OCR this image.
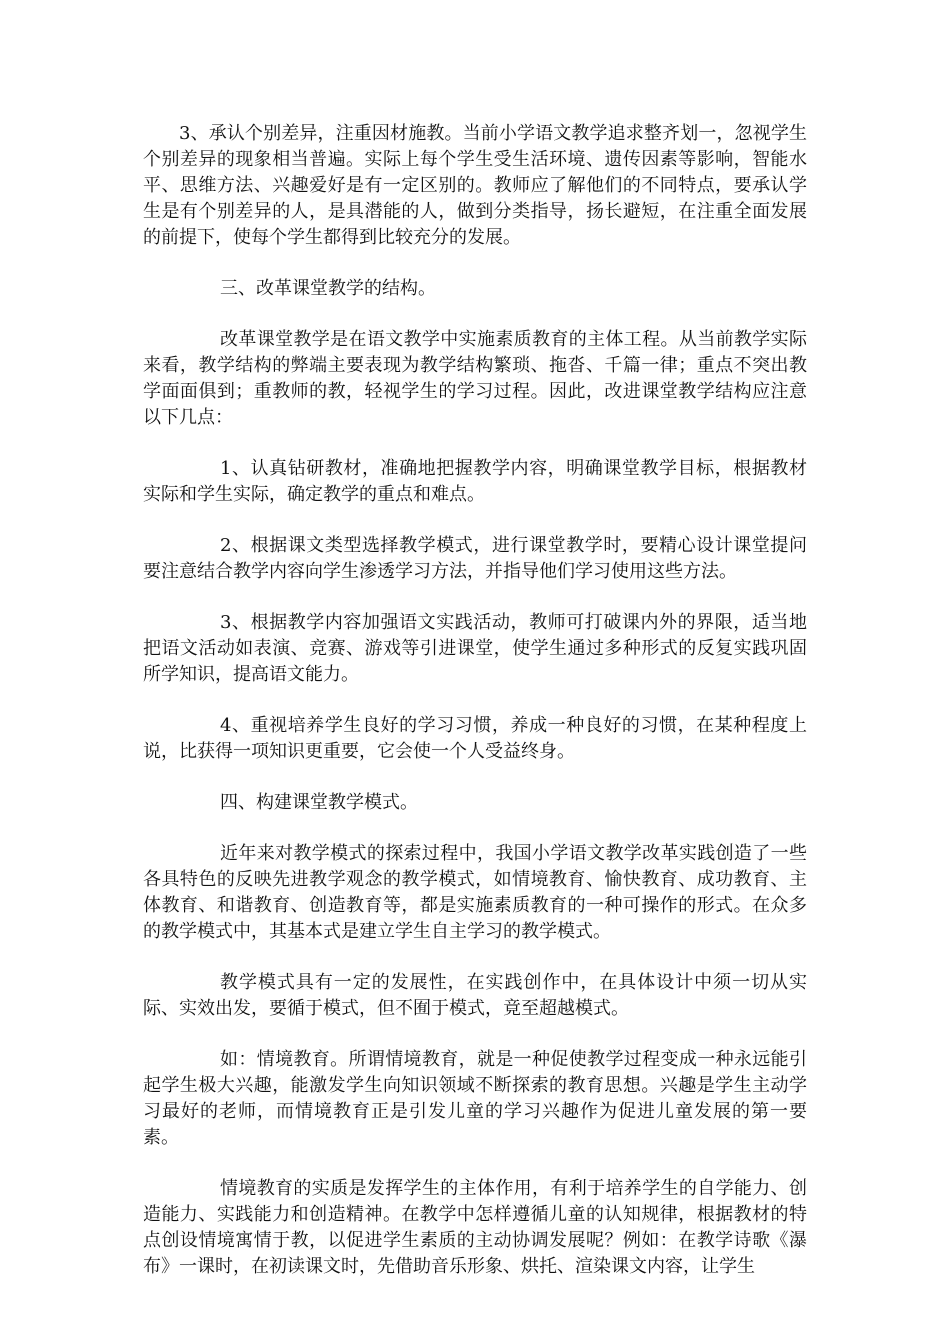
3、承认个别差异，注重因材施教。当前小学语文教学追求整齐划一，忽视学生个别差异的现象相当普遍。实际上每个学生受生活环境、遗传因素等影响，智能水平、思维方法、兴趣爱好是有一定区别的。教师应了解他们的不同特点，要承认学生是有个别差异的人，是具潜能的人，做到分类指导，扬长避短，在注重全面发展的前提下，使每个学生都得到比较充分的发展。

三、改革课堂教学的结构。

改革课堂教学是在语文教学中实施素质教育的主体工程。从当前教学实际来看，教学结构的弊端主要表现为教学结构繁琐、拖沓、千篇一律；重点不突出教学面面俱到；重教师的教，轻视学生的学习过程。因此，改进课堂教学结构应注意以下几点：

1、认真钻研教材，准确地把握教学内容，明确课堂教学目标，根据教材实际和学生实际，确定教学的重点和难点。

2、根据课文类型选择教学模式，进行课堂教学时，要精心设计课堂提问要注意结合教学内容向学生渗透学习方法，并指导他们学习使用这些方法。

3、根据教学内容加强语文实践活动，教师可打破课内外的界限，适当地把语文活动如表演、竞赛、游戏等引进课堂，使学生通过多种形式的反复实践巩固所学知识，提高语文能力。

4、重视培养学生良好的学习习惯，养成一种良好的习惯，在某种程度上说，比获得一项知识更重要，它会使一个人受益终身。

四、构建课堂教学模式。

近年来对教学模式的探索过程中，我国小学语文教学改革实践创造了一些各具特色的反映先进教学观念的教学模式，如情境教育、愉快教育、成功教育、主体教育、和谐教育、创造教育等，都是实施素质教育的一种可操作的形式。在众多的教学模式中，其基本式是建立学生自主学习的教学模式。

教学模式具有一定的发展性，在实践创作中，在具体设计中须一切从实际、实效出发，要循于模式，但不囿于模式，竟至超越模式。

如：情境教育。所谓情境教育，就是一种促使教学过程变成一种永远能引起学生极大兴趣，能激发学生向知识领域不断探索的教育思想。兴趣是学生主动学习最好的老师，而情境教育正是引发儿童的学习兴趣作为促进儿童发展的第一要素。

情境教育的实质是发挥学生的主体作用，有利于培养学生的自学能力、创造能力、实践能力和创造精神。在教学中怎样遵循儿童的认知规律，根据教材的特点创设情境寓情于教，以促进学生素质的主动协调发展呢？例如：在教学诗歌《瀑布》一课时，在初读课文时，先借助音乐形象、烘托、渲染课文内容，让学生
